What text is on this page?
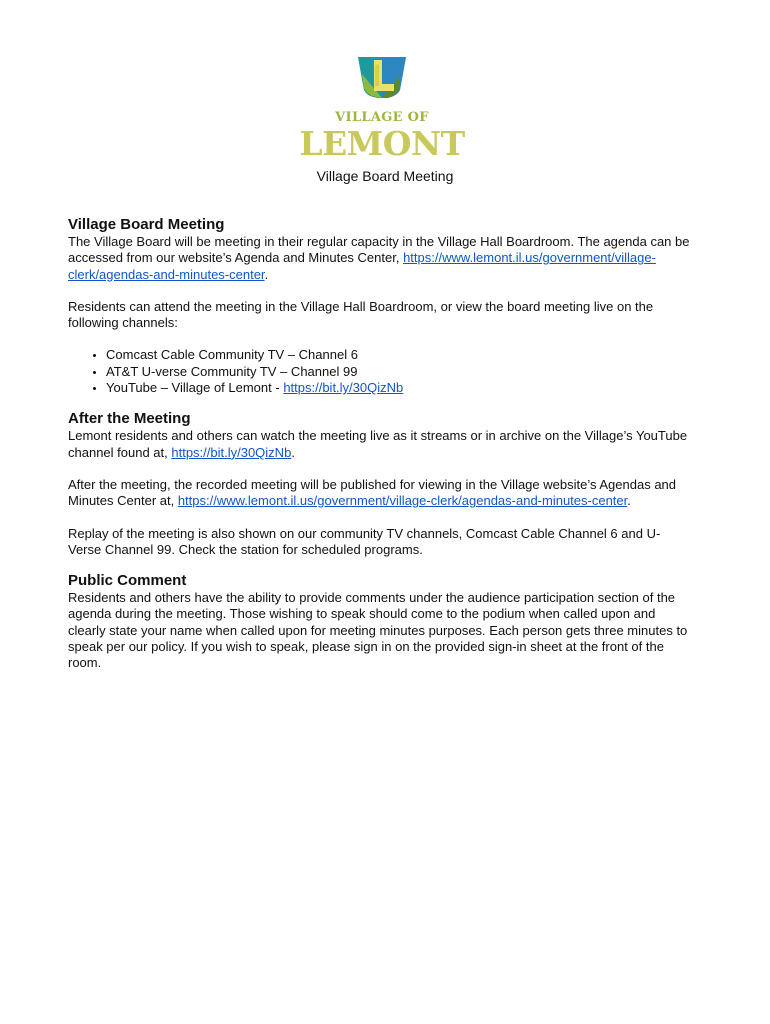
VILLAGE OF
LEMONT
Village Board Meeting
Village Board Meeting

The Village Board will be meeting in their regular capacity in the Village Hall Boardroom. The agenda can be accessed from our website’s Agenda and Minutes Center, https://www.lemont.il.us/government/village-clerk/agendas-and-minutes-center.

Residents can attend the meeting in the Village Hall Boardroom, or view the board meeting live on the following channels:

• Comcast Cable Community TV – Channel 6
• AT&T U-verse Community TV – Channel 99
• YouTube – Village of Lemont - https://bit.ly/30QizNb
After the Meeting

Lemont residents and others can watch the meeting live as it streams or in archive on the Village’s YouTube channel found at, https://bit.ly/30QizNb.

After the meeting, the recorded meeting will be published for viewing in the Village website’s Agendas and Minutes Center at, https://www.lemont.il.us/government/village-clerk/agendas-and-minutes-center.

Replay of the meeting is also shown on our community TV channels, Comcast Cable Channel 6 and U-Verse Channel 99. Check the station for scheduled programs.

Public Comment

Residents and others have the ability to provide comments under the audience participation section of the agenda during the meeting. Those wishing to speak should come to the podium when called upon and clearly state your name when called upon for meeting minutes purposes. Each person gets three minutes to speak per our policy. If you wish to speak, please sign in on the provided sign-in sheet at the front of the room.
